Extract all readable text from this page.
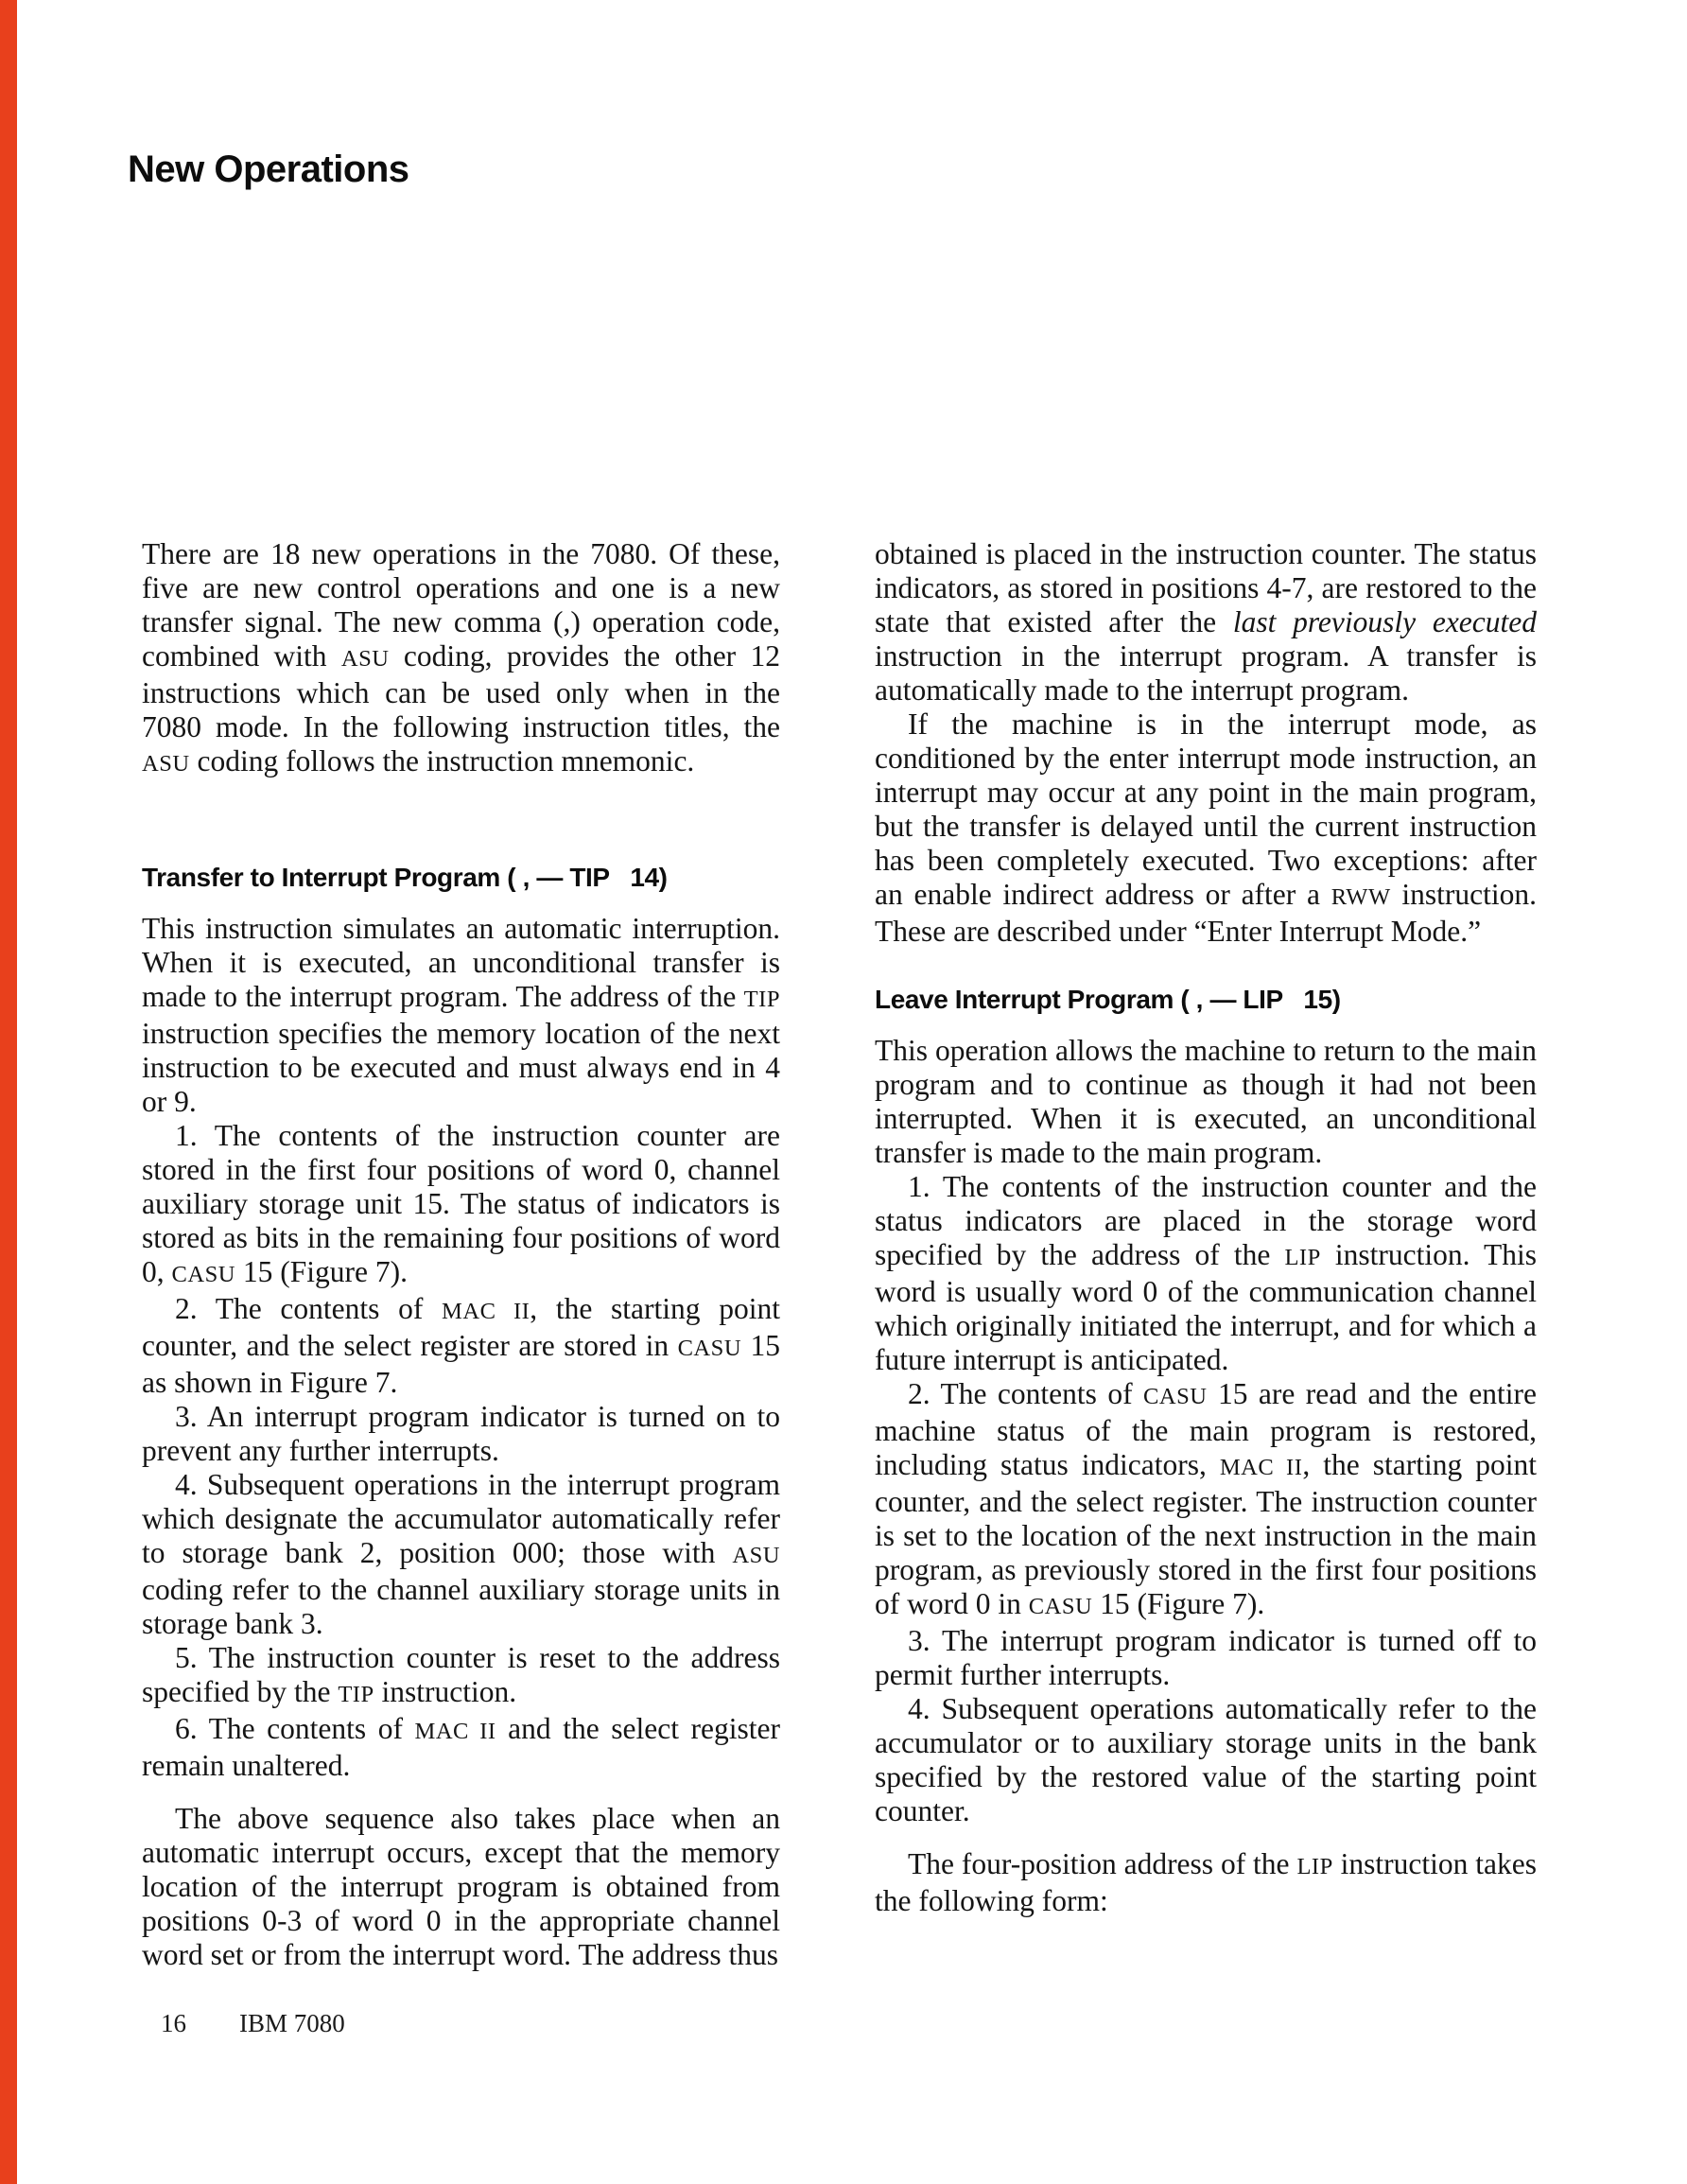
New Operations

There are 18 new operations in the 7080. Of these, five are new control operations and one is a new transfer signal. The new comma (,) operation code, combined with ASU coding, provides the other 12 instructions which can be used only when in the 7080 mode. In the following instruction titles, the ASU coding follows the instruction mnemonic.

Transfer to Interrupt Program ( , — TIP   14)

This instruction simulates an automatic interruption. When it is executed, an unconditional transfer is made to the interrupt program. The address of the TIP instruction specifies the memory location of the next instruction to be executed and must always end in 4 or 9.

1. The contents of the instruction counter are stored in the first four positions of word 0, channel auxiliary storage unit 15. The status of indicators is stored as bits in the remaining four positions of word 0, CASU 15 (Figure 7).

2. The contents of MAC II, the starting point counter, and the select register are stored in CASU 15 as shown in Figure 7.

3. An interrupt program indicator is turned on to prevent any further interrupts.

4. Subsequent operations in the interrupt program which designate the accumulator automatically refer to storage bank 2, position 000; those with ASU coding refer to the channel auxiliary storage units in storage bank 3.

5. The instruction counter is reset to the address specified by the TIP instruction.

6. The contents of MAC II and the select register remain unaltered.

The above sequence also takes place when an automatic interrupt occurs, except that the memory location of the interrupt program is obtained from positions 0-3 of word 0 in the appropriate channel word set or from the interrupt word. The address thus

obtained is placed in the instruction counter. The status indicators, as stored in positions 4-7, are restored to the state that existed after the last previously executed instruction in the interrupt program. A transfer is automatically made to the interrupt program.

If the machine is in the interrupt mode, as conditioned by the enter interrupt mode instruction, an interrupt may occur at any point in the main program, but the transfer is delayed until the current instruction has been completely executed. Two exceptions: after an enable indirect address or after a RWW instruction. These are described under “Enter Interrupt Mode.”

Leave Interrupt Program ( , — LIP   15)

This operation allows the machine to return to the main program and to continue as though it had not been interrupted. When it is executed, an unconditional transfer is made to the main program.

1. The contents of the instruction counter and the status indicators are placed in the storage word specified by the address of the LIP instruction. This word is usually word 0 of the communication channel which originally initiated the interrupt, and for which a future interrupt is anticipated.

2. The contents of CASU 15 are read and the entire machine status of the main program is restored, including status indicators, MAC II, the starting point counter, and the select register. The instruction counter is set to the location of the next instruction in the main program, as previously stored in the first four positions of word 0 in CASU 15 (Figure 7).

3. The interrupt program indicator is turned off to permit further interrupts.

4. Subsequent operations automatically refer to the accumulator or to auxiliary storage units in the bank specified by the restored value of the starting point counter.

The four-position address of the LIP instruction takes the following form:

16 IBM 7080
